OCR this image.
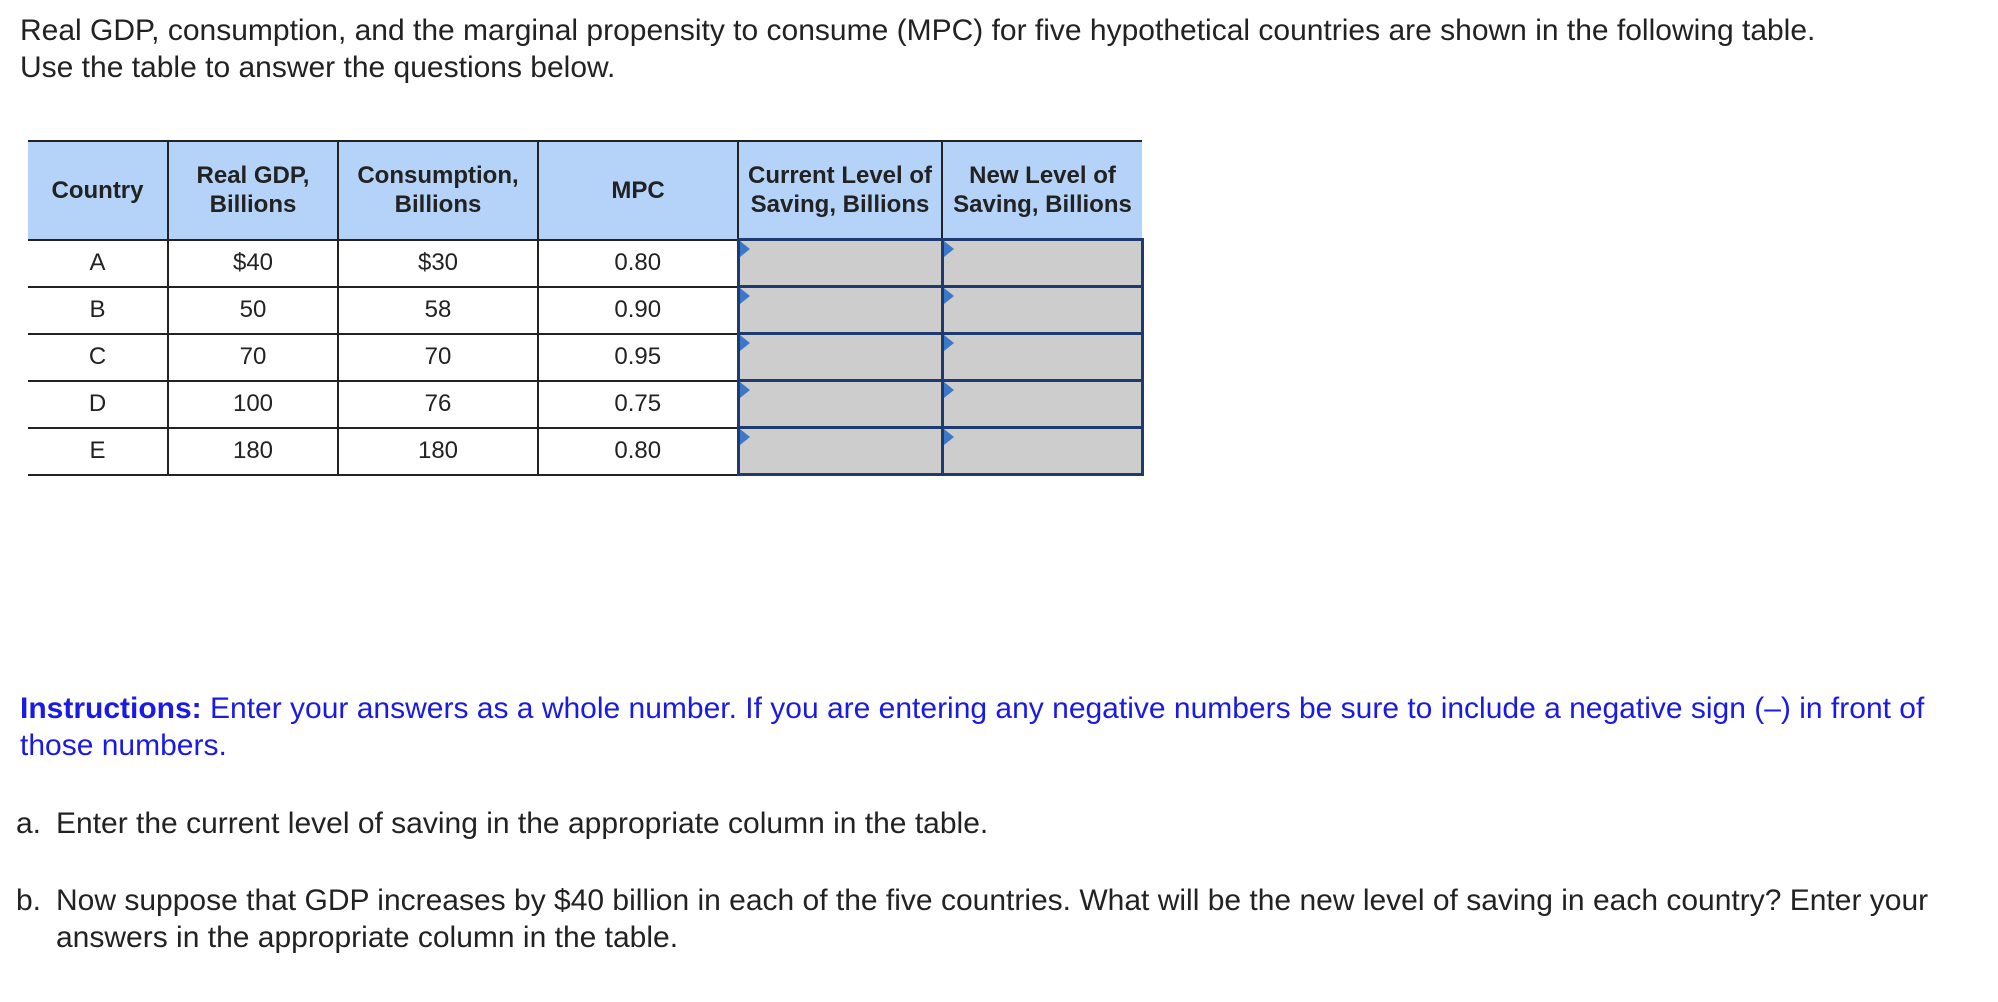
Real GDP, consumption, and the marginal propensity to consume (MPC) for five hypothetical countries are shown in the following table.
Use the table to answer the questions below.

Country	Real GDP, Billions	Consumption, Billions	MPC	Current Level of Saving, Billions	New Level of Saving, Billions
A	$40	$30	0.80	

B	50	58	0.90	

C	70	70	0.95	

D	100	76	0.75	

E	180	180	0.80	

Instructions: Enter your answers as a whole number. If you are entering any negative numbers be sure to include a negative sign (–) in front of those numbers.

a. Enter the current level of saving in the appropriate column in the table.

b. Now suppose that GDP increases by $40 billion in each of the five countries. What will be the new level of saving in each country? Enter your answers in the appropriate column in the table.
